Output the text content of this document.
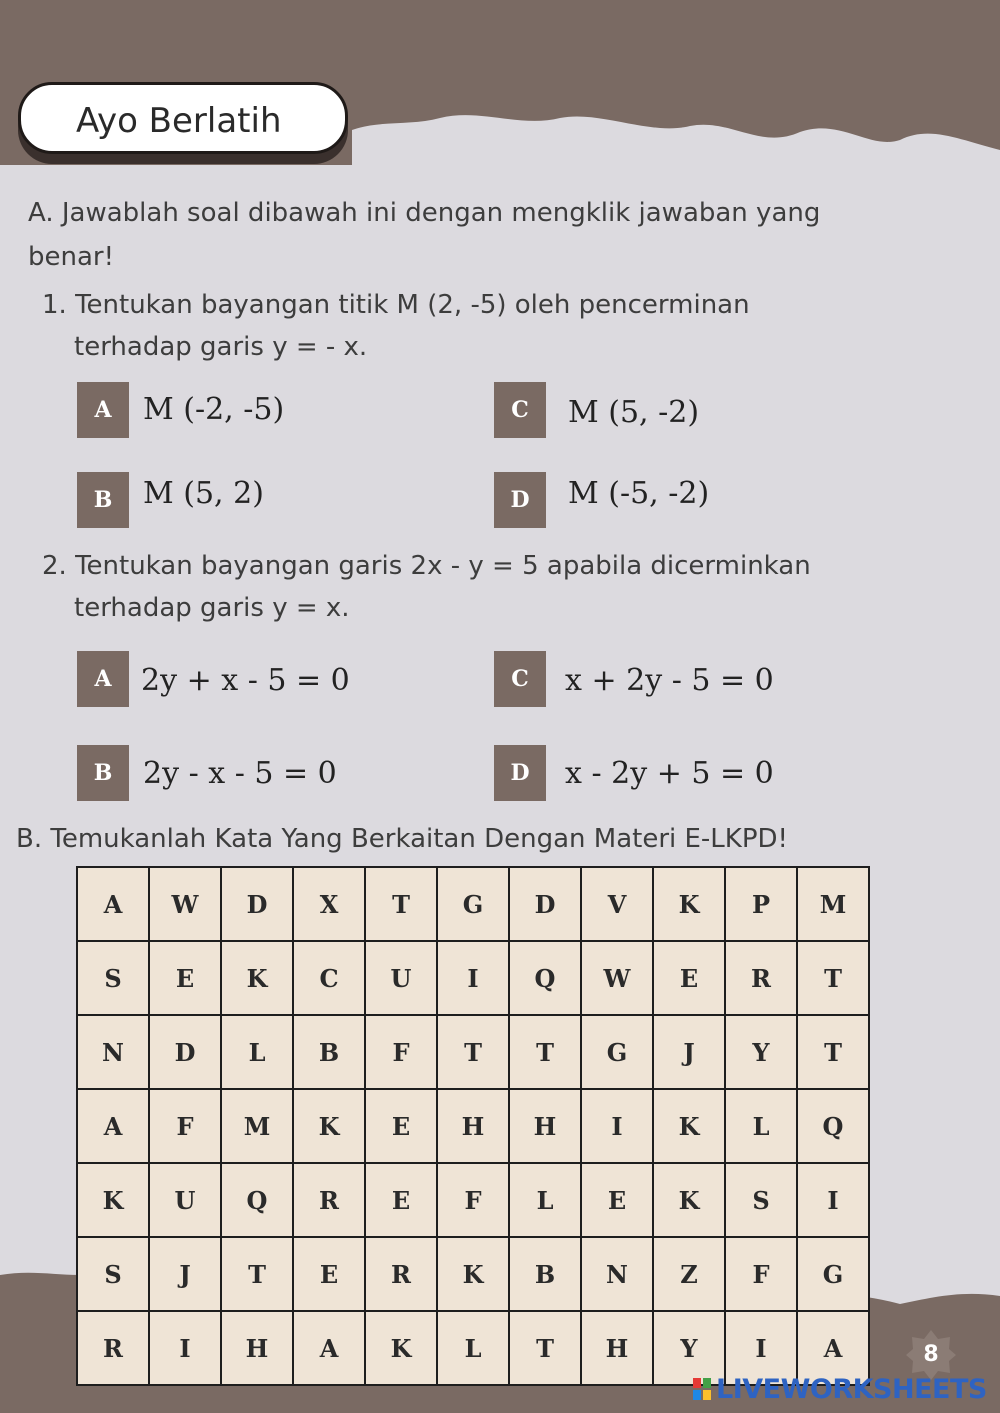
Ayo Berlatih
A. Jawablah soal dibawah ini dengan mengklik jawaban yang
benar!
1. Tentukan bayangan titik M (2, -5) oleh pencerminan
terhadap garis y = - x.
A	M (-2, -5)	C	M (5, -2)
B	M (5, 2)	D	M (-5, -2)
2. Tentukan bayangan garis 2x - y = 5 apabila dicerminkan
terhadap garis y = x.
A 2y + x - 5 = 0	C	x + 2y - 5 = 0
B	2y - x - 5 = 0	D	x - 2y + 5 = 0
B. Temukanlah Kata Yang Berkaitan Dengan Materi E-LKPD!
A	W	D	X	T	G	D	V	K	P	M
S	E	K	C	U	I	Q	W	E	R	T
N	D	L	B	F	T	T	G	J	Y	T
A	F	M	K	E	H	H	I	K	L	Q
K	U	Q	R	E	F	L	E	K	S	I
S	J	T	E	R	K	B	N	Z	F	G
R	I	H	A	K	L	T	H	Y	I	A	8
LIVEWORKSHEETS
